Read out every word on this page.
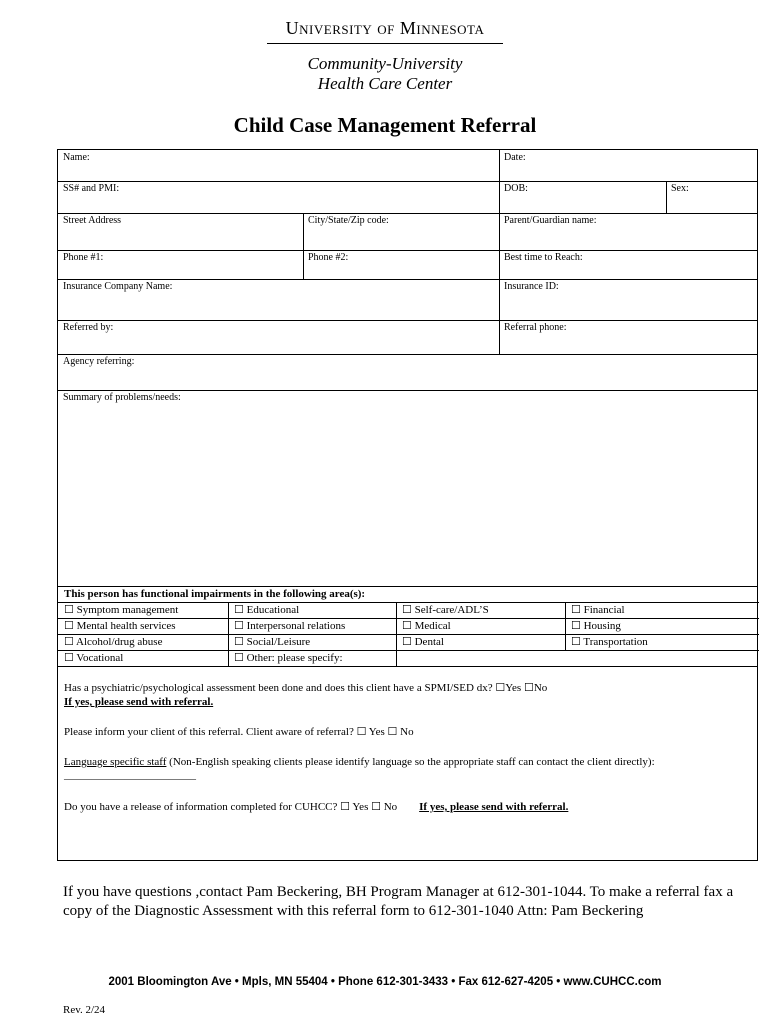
University of Minnesota
Community-University
Health Care Center
Child Case Management Referral
Name:	Date:
SS# and PMI:	DOB:	Sex:
Street Address	City/State/Zip code:	Parent/Guardian name:
Phone #1:	Phone #2:	Best time to Reach:
Insurance Company Name:	Insurance ID:
Referred by:	Referral phone:
Agency referring:
Summary of problems/needs:
This person has functional impairments in the following area(s):
☐ Symptom management	☐ Educational	☐ Self-care/ADL’S	☐ Financial
☐ Mental health services	☐ Interpersonal relations	☐ Medical	☐ Housing
☐ Alcohol/drug abuse	☐ Social/Leisure	☐ Dental	☐ Transportation
☐ Vocational	☐ Other: please specify:
Has a psychiatric/psychological assessment been done and does this client have a SPMI/SED dx? ☐Yes ☐No
If yes, please send with referral.
Please inform your client of this referral. Client aware of referral? ☐ Yes ☐ No
Language specific staff (Non-English speaking clients please identify language so the appropriate staff can contact the client directly): ________________________
Do you have a release of information completed for CUHCC? ☐ Yes ☐ No If yes, please send with referral.
If you have questions ,contact Pam Beckering, BH Program Manager at 612-301-1044. To make a referral fax a copy of the Diagnostic Assessment with this referral form to 612-301-1040 Attn: Pam Beckering
2001 Bloomington Ave • Mpls, MN 55404 • Phone 612-301-3433 • Fax 612-627-4205 • www.CUHCC.com
Rev. 2/24
